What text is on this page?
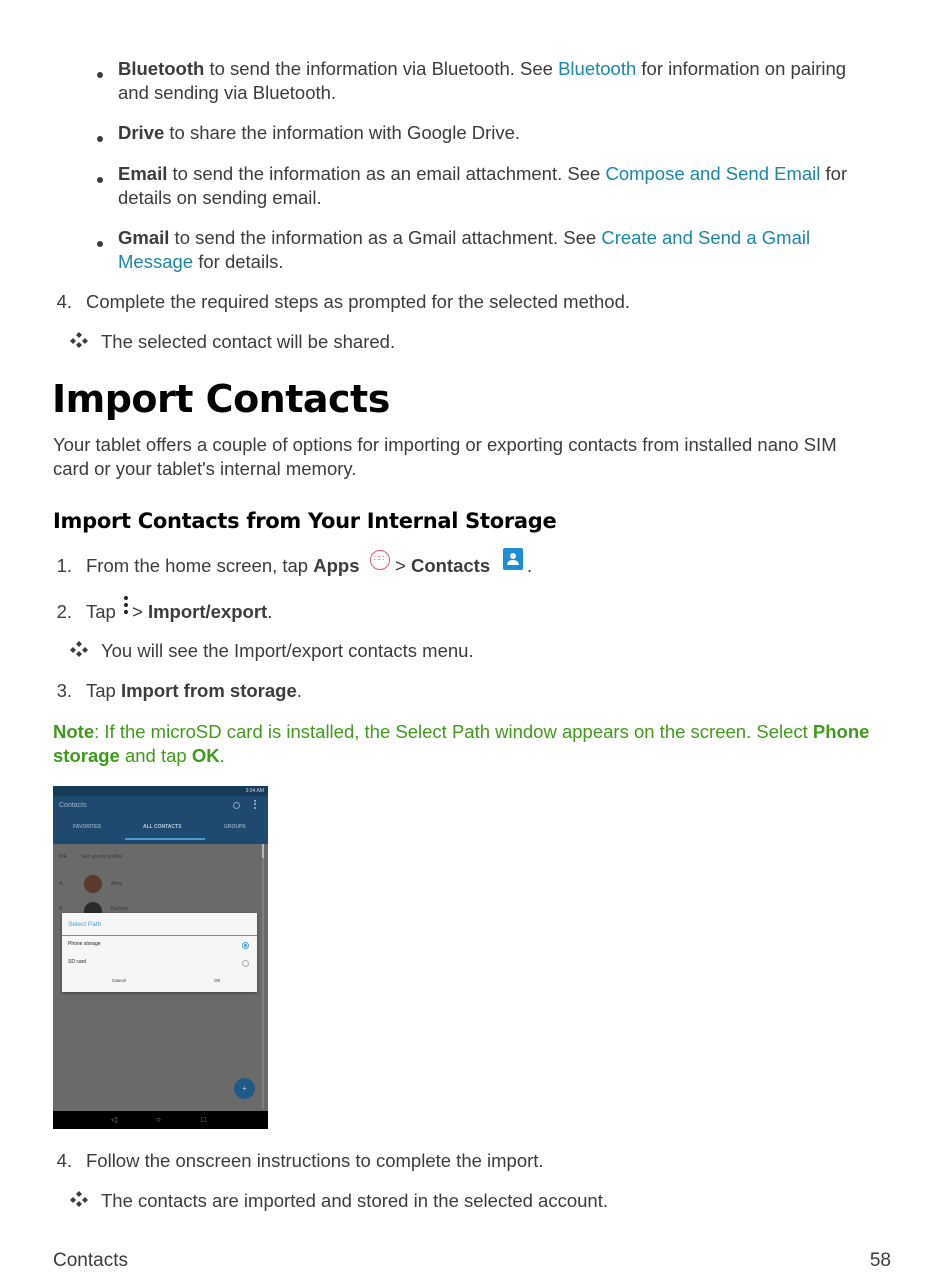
Bluetooth to send the information via Bluetooth. See Bluetooth for information on pairing
and sending via Bluetooth.
Drive to share the information with Google Drive.
Email to send the information as an email attachment. See Compose and Send Email for
details on sending email.
Gmail to send the information as a Gmail attachment. See Create and Send a Gmail
Message for details.
4. Complete the required steps as prompted for the selected method.
The selected contact will be shared.
Import Contacts
Your tablet offers a couple of options for importing or exporting contacts from installed nano SIM
card or your tablet's internal memory.
Import Contacts from Your Internal Storage
1. From the home screen, tap Apps ∷∷	> Contacts .
2. Tap > Import/export.
You will see the Import/export contacts menu.
3. Tap Import from storage.
Note: If the microSD card is installed, the Select Path window appears on the screen. Select Phone
storage and tap OK.
3:04 AM
Contacts
FAVORITES	ALL CONTACTS	GROUPS
ME	Set up my profile
A	Amy
B	Barney
Select Path
Phone storage
SD card
Cancel	OK
+
◁	○	□
4. Follow the onscreen instructions to complete the import.
The contacts are imported and stored in the selected account.
Contacts	58
